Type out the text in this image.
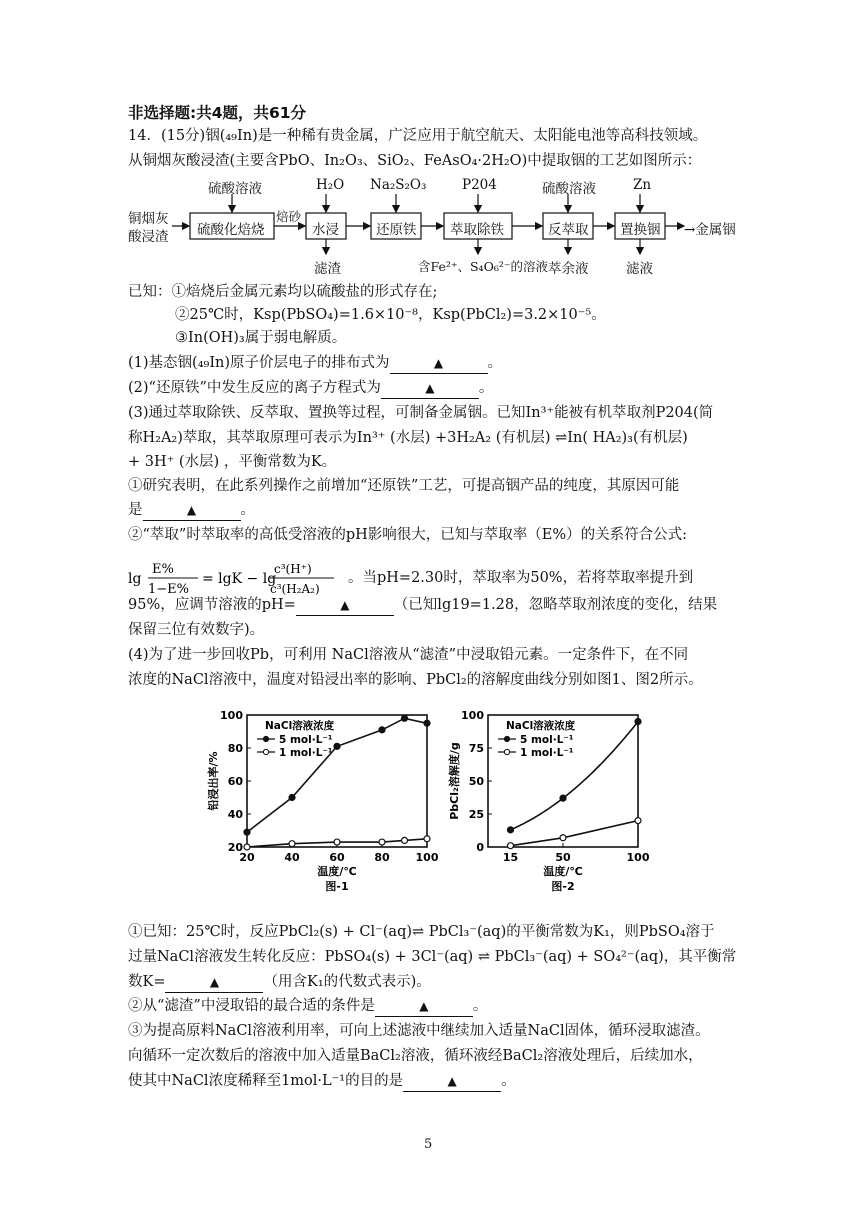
非选择题:共4题，共61分
14．(15分)铟(₄₉In)是一种稀有贵金属，广泛应用于航空航天、太阳能电池等高科技领域。
从铜烟灰酸浸渣(主要含PbO、In₂O₃、SiO₂、FeAsO₄·2H₂O)中提取铟的工艺如图所示：
铜烟灰
酸浸渣 硫酸化焙烧
焙砂
水浸	还原铁 萃取除铁	反萃取 置换铟 →金属铟
硫酸溶液	H₂O Na₂S₂O₃	P204	硫酸溶液	Zn
滤渣	含Fe²⁺、S₄O₆²⁻的溶液 萃余液	滤液
已知：①焙烧后金属元素均以硫酸盐的形式存在;
②25℃时，Ksp(PbSO₄)=1.6×10⁻⁸，Ksp(PbCl₂)=3.2×10⁻⁵。
③In(OH)₃属于弱电解质。
(1)基态铟(₄₉In)原子价层电子的排布式为	▲	。
(2)“还原铁”中发生反应的离子方程式为	▲	。
(3)通过萃取除铁、反萃取、置换等过程，可制备金属铟。已知In³⁺能被有机萃取剂P204(简
称H₂A₂)萃取，其萃取原理可表示为In³⁺ (水层) +3H₂A₂ (有机层) ⇌In( HA₂)₃(有机层)
+ 3H⁺ (水层) ，平衡常数为K。
①研究表明，在此系列操作之前增加“还原铁”工艺，可提高铟产品的纯度，其原因可能
是	▲	。
②“萃取”时萃取率的高低受溶液的pH影响很大，已知与萃取率（E%）的关系符合公式:
lg
E%
1−E%
= lgK − lg
c³(H⁺)
c³(H₂A₂)
。当pH=2.30时，萃取率为50%，若将萃取率提升到
95%，应调节溶液的pH=	▲	（已知lg19=1.28，忽略萃取剂浓度的变化，结果
保留三位有效数字)。
(4)为了进一步回收Pb，可利用 NaCl溶液从“滤渣”中浸取铅元素。一定条件下，在不同
浓度的NaCl溶液中，温度对铅浸出率的影响、PbCl₂的溶解度曲线分别如图1、图2所示。
20	40	60	80 100
20
40
60
80
100
NaCl溶液浓度
5 mol·L⁻¹
1 mol·L⁻¹
温度/℃
图-1
铅浸出率/%
15	50	100
0
25
50
75
100
NaCl溶液浓度
5 mol·L⁻¹
1 mol·L⁻¹
温度/℃
图-2
PbCl₂溶解度/g
①已知：25℃时，反应PbCl₂(s) + Cl⁻(aq)⇌ PbCl₃⁻(aq)的平衡常数为K₁，则PbSO₄溶于
过量NaCl溶液发生转化反应：PbSO₄(s) + 3Cl⁻(aq) ⇌ PbCl₃⁻(aq) + SO₄²⁻(aq)，其平衡常
数K=	▲	（用含K₁的代数式表示)。
②从“滤渣”中浸取铅的最合适的条件是	▲	。
③为提高原料NaCl溶液利用率，可向上述滤液中继续加入适量NaCl固体，循环浸取滤渣。
向循环一定次数后的溶液中加入适量BaCl₂溶液，循环液经BaCl₂溶液处理后，后续加水，
使其中NaCl浓度稀释至1mol·L⁻¹的目的是	▲	。
5
